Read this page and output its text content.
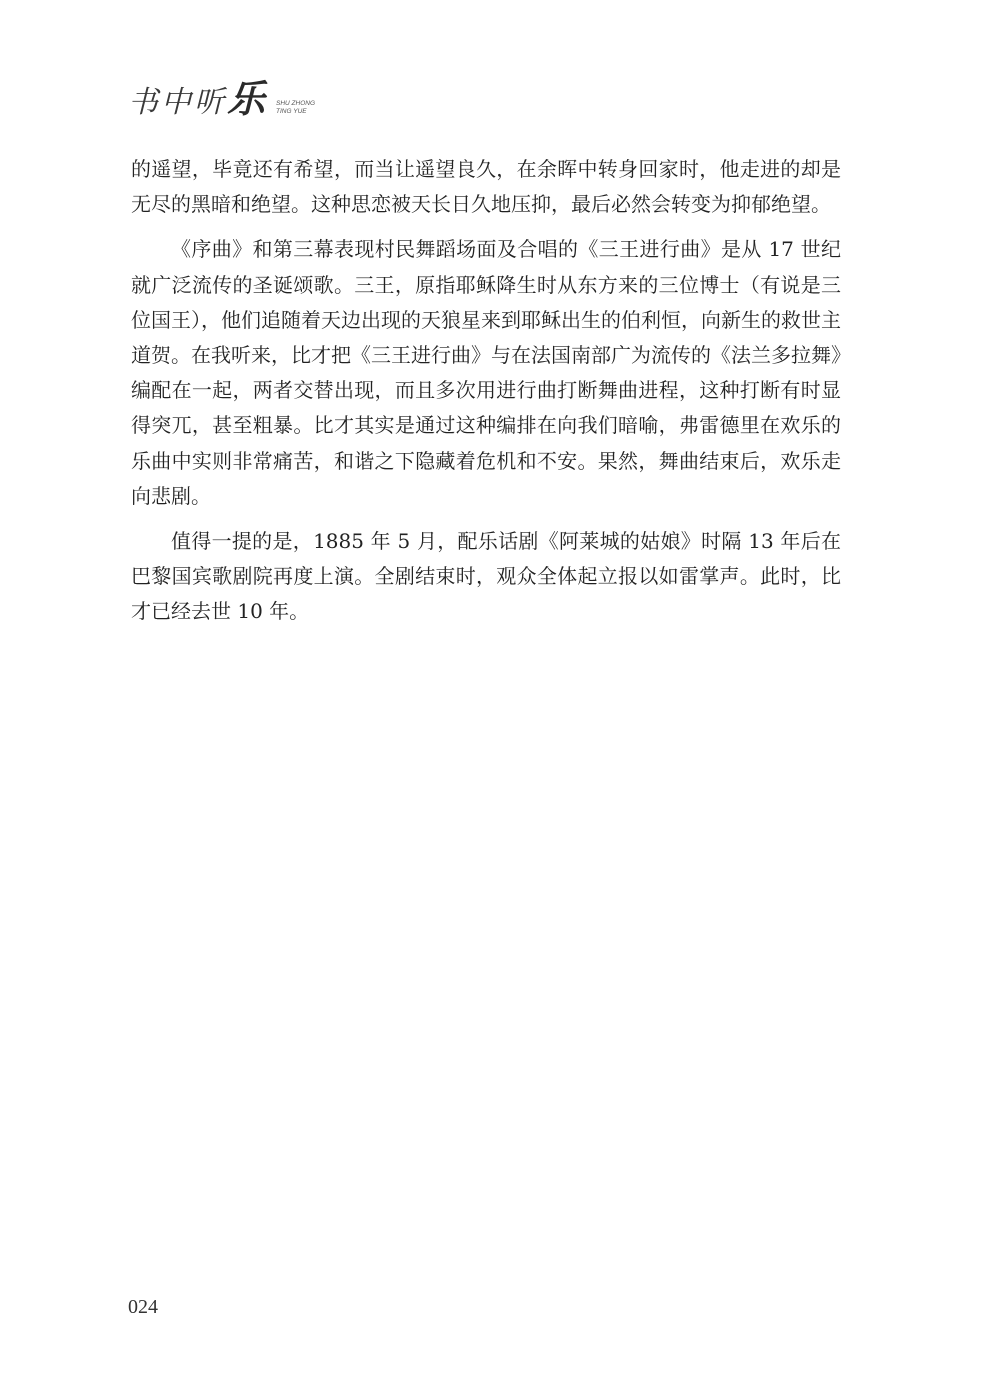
书中听乐 SHU ZHONG
TING YUE

的遥望，毕竟还有希望，而当让遥望良久，在余晖中转身回家时，他走进的却是无尽的黑暗和绝望。这种思恋被天长日久地压抑，最后必然会转变为抑郁绝望。

《序曲》和第三幕表现村民舞蹈场面及合唱的《三王进行曲》是从 17 世纪就广泛流传的圣诞颂歌。三王，原指耶稣降生时从东方来的三位博士（有说是三位国王），他们追随着天边出现的天狼星来到耶稣出生的伯利恒，向新生的救世主道贺。在我听来，比才把《三王进行曲》与在法国南部广为流传的《法兰多拉舞》编配在一起，两者交替出现，而且多次用进行曲打断舞曲进程，这种打断有时显得突兀，甚至粗暴。比才其实是通过这种编排在向我们暗喻，弗雷德里在欢乐的乐曲中实则非常痛苦，和谐之下隐藏着危机和不安。果然，舞曲结束后，欢乐走向悲剧。

值得一提的是，1885 年 5 月，配乐话剧《阿莱城的姑娘》时隔 13 年后在巴黎国宾歌剧院再度上演。全剧结束时，观众全体起立报以如雷掌声。此时，比才已经去世 10 年。

024
